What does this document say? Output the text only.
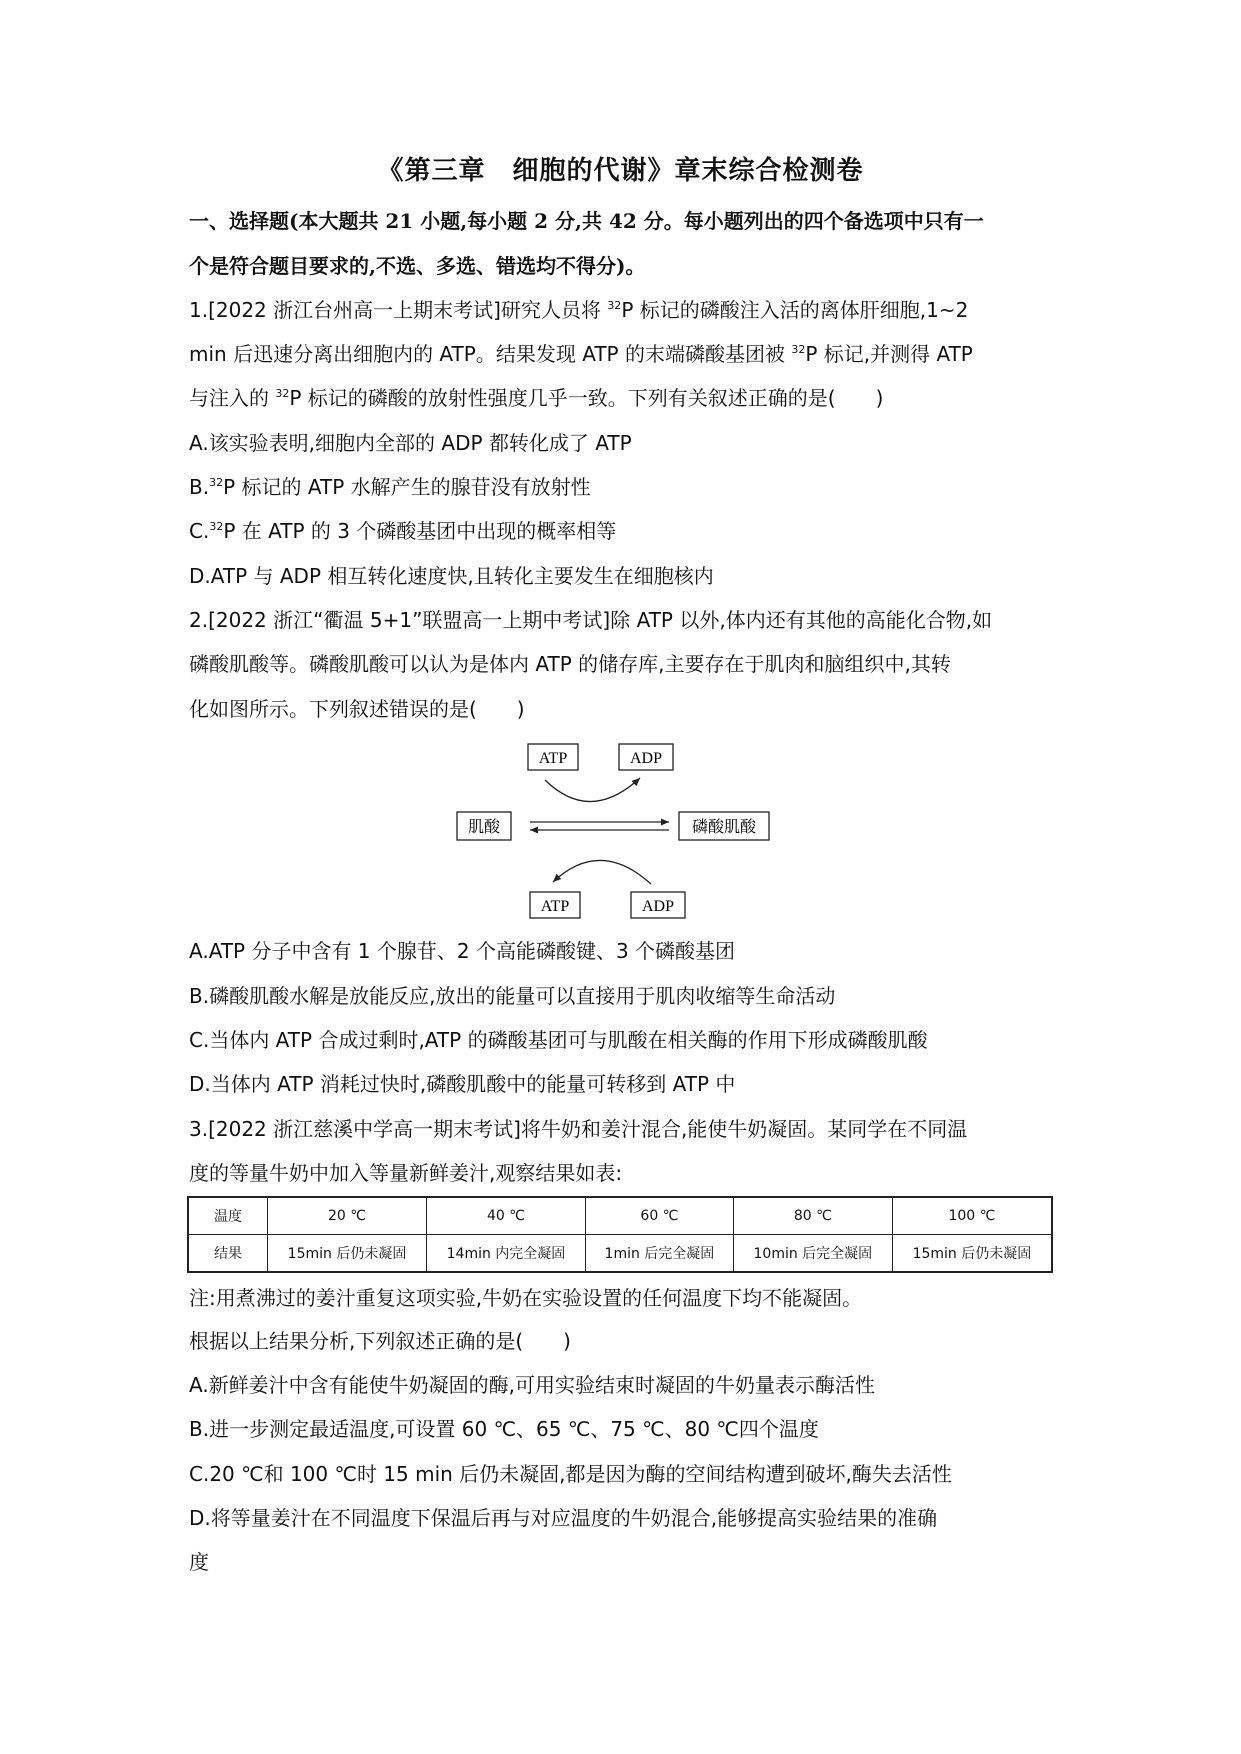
《第三章　细胞的代谢》章末综合检测卷
一、选择题(本大题共 21 小题,每小题 2 分,共 42 分。每小题列出的四个备选项中只有一
个是符合题目要求的,不选、多选、错选均不得分)。
1.[2022 浙江台州高一上期末考试]研究人员将 $^{32}$P 标记的磷酸注入活的离体肝细胞,1~2
min 后迅速分离出细胞内的 ATP。结果发现 ATP 的末端磷酸基团被 $^{32}$P 标记,并测得 ATP
与注入的 $^{32}$P 标记的磷酸的放射性强度几乎一致。下列有关叙述正确的是(　　)
A.该实验表明,细胞内全部的 ADP 都转化成了 ATP
B.$^{32}$P 标记的 ATP 水解产生的腺苷没有放射性
C.$^{32}$P 在 ATP 的 3 个磷酸基团中出现的概率相等
D.ATP 与 ADP 相互转化速度快,且转化主要发生在细胞核内
2.[2022 浙江“衢温 5+1”联盟高一上期中考试]除 ATP 以外,体内还有其他的高能化合物,如
磷酸肌酸等。磷酸肌酸可以认为是体内 ATP 的储存库,主要存在于肌肉和脑组织中,其转
化如图所示。下列叙述错误的是(　　)
ATP	ADP
肌酸	磷酸肌酸
ATP	ADP
A.ATP 分子中含有 1 个腺苷、2 个高能磷酸键、3 个磷酸基团
B.磷酸肌酸水解是放能反应,放出的能量可以直接用于肌肉收缩等生命活动
C.当体内 ATP 合成过剩时,ATP 的磷酸基团可与肌酸在相关酶的作用下形成磷酸肌酸
D.当体内 ATP 消耗过快时,磷酸肌酸中的能量可转移到 ATP 中
3.[2022 浙江慈溪中学高一期末考试]将牛奶和姜汁混合,能使牛奶凝固。某同学在不同温
度的等量牛奶中加入等量新鲜姜汁,观察结果如表:
温度	20 ℃	40 ℃	60 ℃	80 ℃	100 ℃
结果	15min 后仍未凝固	14min 内完全凝固	1min 后完全凝固	10min 后完全凝固	15min 后仍未凝固
注:用煮沸过的姜汁重复这项实验,牛奶在实验设置的任何温度下均不能凝固。
根据以上结果分析,下列叙述正确的是(　　)
A.新鲜姜汁中含有能使牛奶凝固的酶,可用实验结束时凝固的牛奶量表示酶活性
B.进一步测定最适温度,可设置 60 ℃、65 ℃、75 ℃、80 ℃四个温度
C.20 ℃和 100 ℃时 15 min 后仍未凝固,都是因为酶的空间结构遭到破坏,酶失去活性
D.将等量姜汁在不同温度下保温后再与对应温度的牛奶混合,能够提高实验结果的准确
度
